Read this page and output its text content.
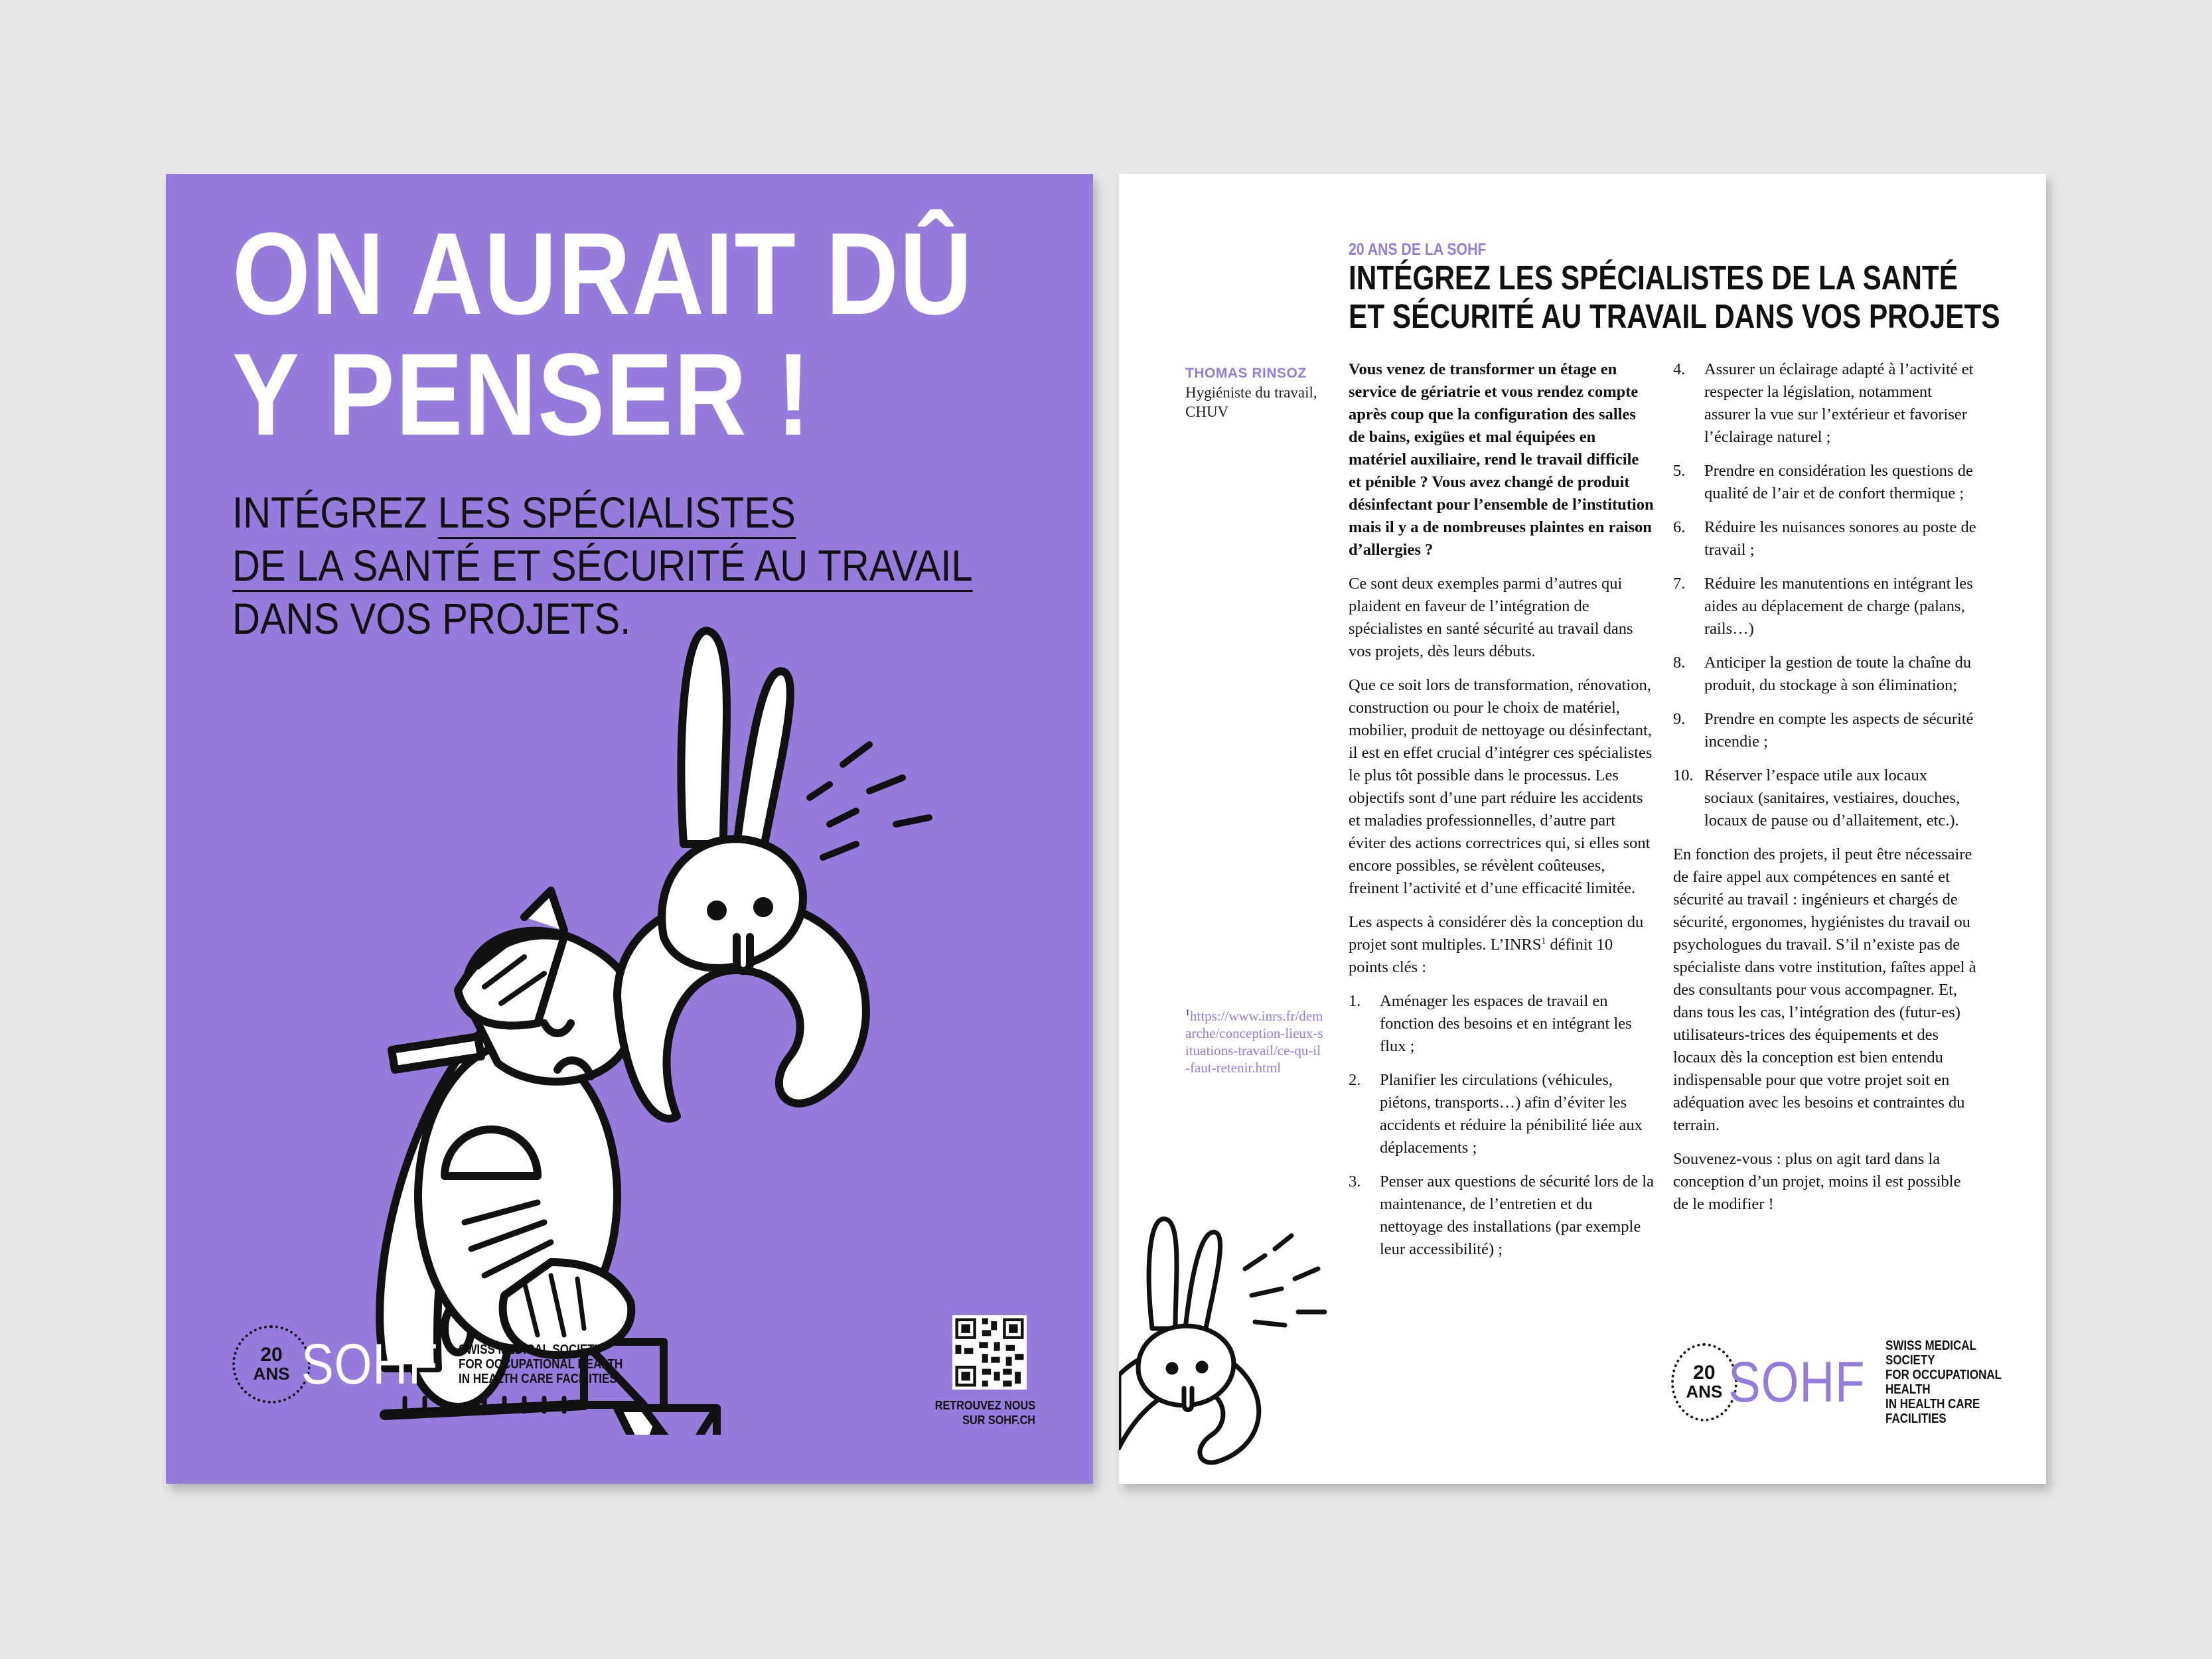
ON AURAIT DÛ
Y PENSER !
INTÉGREZ LES SPÉCIALISTES
DE LA SANTÉ ET SÉCURITÉ AU TRAVAIL
DANS VOS PROJETS.
20
ANS SOHF SWISS MEDICAL SOCIETY
FOR OCCUPATIONAL HEALTH
IN HEALTH CARE FACILITIES
RETROUVEZ NOUS
SUR SOHF.CH
20 ANS DE LA SOHF
INTÉGREZ LES SPÉCIALISTES DE LA SANTÉ
ET SÉCURITÉ AU TRAVAIL DANS VOS PROJETS
THOMAS RINSOZ
Hygiéniste du travail, CHUV
$^1$https://www.inrs.fr/demarche/conception-lieux-situations-travail/ce-qu-il-faut-retenir.html

Vous venez de transformer un étage en service de gériatrie et vous rendez compte après coup que la configuration des salles de bains, exigües et mal équipées en matériel auxiliaire, rend le travail difficile et pénible ? Vous avez changé de produit désinfectant pour l’ensemble de l’institution mais il y a de nombreuses plaintes en raison d’allergies ?

Ce sont deux exemples parmi d’autres qui plaident en faveur de l’intégration de spécialistes en santé sécurité au travail dans vos projets, dès leurs débuts.

Que ce soit lors de transformation, rénovation, construction ou pour le choix de matériel, mobilier, produit de nettoyage ou désinfectant, il est en effet crucial d’intégrer ces spécialistes le plus tôt possible dans le processus. Les objectifs sont d’une part réduire les accidents et maladies professionnelles, d’autre part éviter des actions correctrices qui, si elles sont encore possibles, se révèlent coûteuses, freinent l’activité et d’une efficacité limitée.

Les aspects à considérer dès la conception du projet sont multiples. L’INRS$^1$ définit 10 points clés :

1. Aménager les espaces de travail en fonction des besoins et en intégrant les flux ;
2. Planifier les circulations (véhicules, piétons, transports…) afin d’éviter les accidents et réduire la pénibilité liée aux déplacements ;
3. Penser aux questions de sécurité lors de la maintenance, de l’entretien et du nettoyage des installations (par exemple leur accessibilité) ;
4. Assurer un éclairage adapté à l’activité et respecter la législation, notamment assurer la vue sur l’extérieur et favoriser l’éclairage naturel ;
5. Prendre en considération les questions de qualité de l’air et de confort thermique ;
6. Réduire les nuisances sonores au poste de travail ;
7. Réduire les manutentions en intégrant les aides au déplacement de charge (palans, rails…)
8. Anticiper la gestion de toute la chaîne du produit, du stockage à son élimination;
9. Prendre en compte les aspects de sécurité incendie ;
10. Réserver l’espace utile aux locaux sociaux (sanitaires, vestiaires, douches, locaux de pause ou d’allaitement, etc.).

En fonction des projets, il peut être nécessaire de faire appel aux compétences en santé et sécurité au travail : ingénieurs et chargés de sécurité, ergonomes, hygiénistes du travail ou psychologues du travail. S’il n’existe pas de spécialiste dans votre institution, faîtes appel à des consultants pour vous accompagner. Et, dans tous les cas, l’intégration des (futur-es) utilisateurs-trices des équipements et des locaux dès la conception est bien entendu indispensable pour que votre projet soit en adéquation avec les besoins et contraintes du terrain.

Souvenez-vous : plus on agit tard dans la conception d’un projet, moins il est possible de le modifier !

20
ANS SOHF
SWISS MEDICAL SOCIETY
FOR OCCUPATIONAL HEALTH
IN HEALTH CARE FACILITIES
